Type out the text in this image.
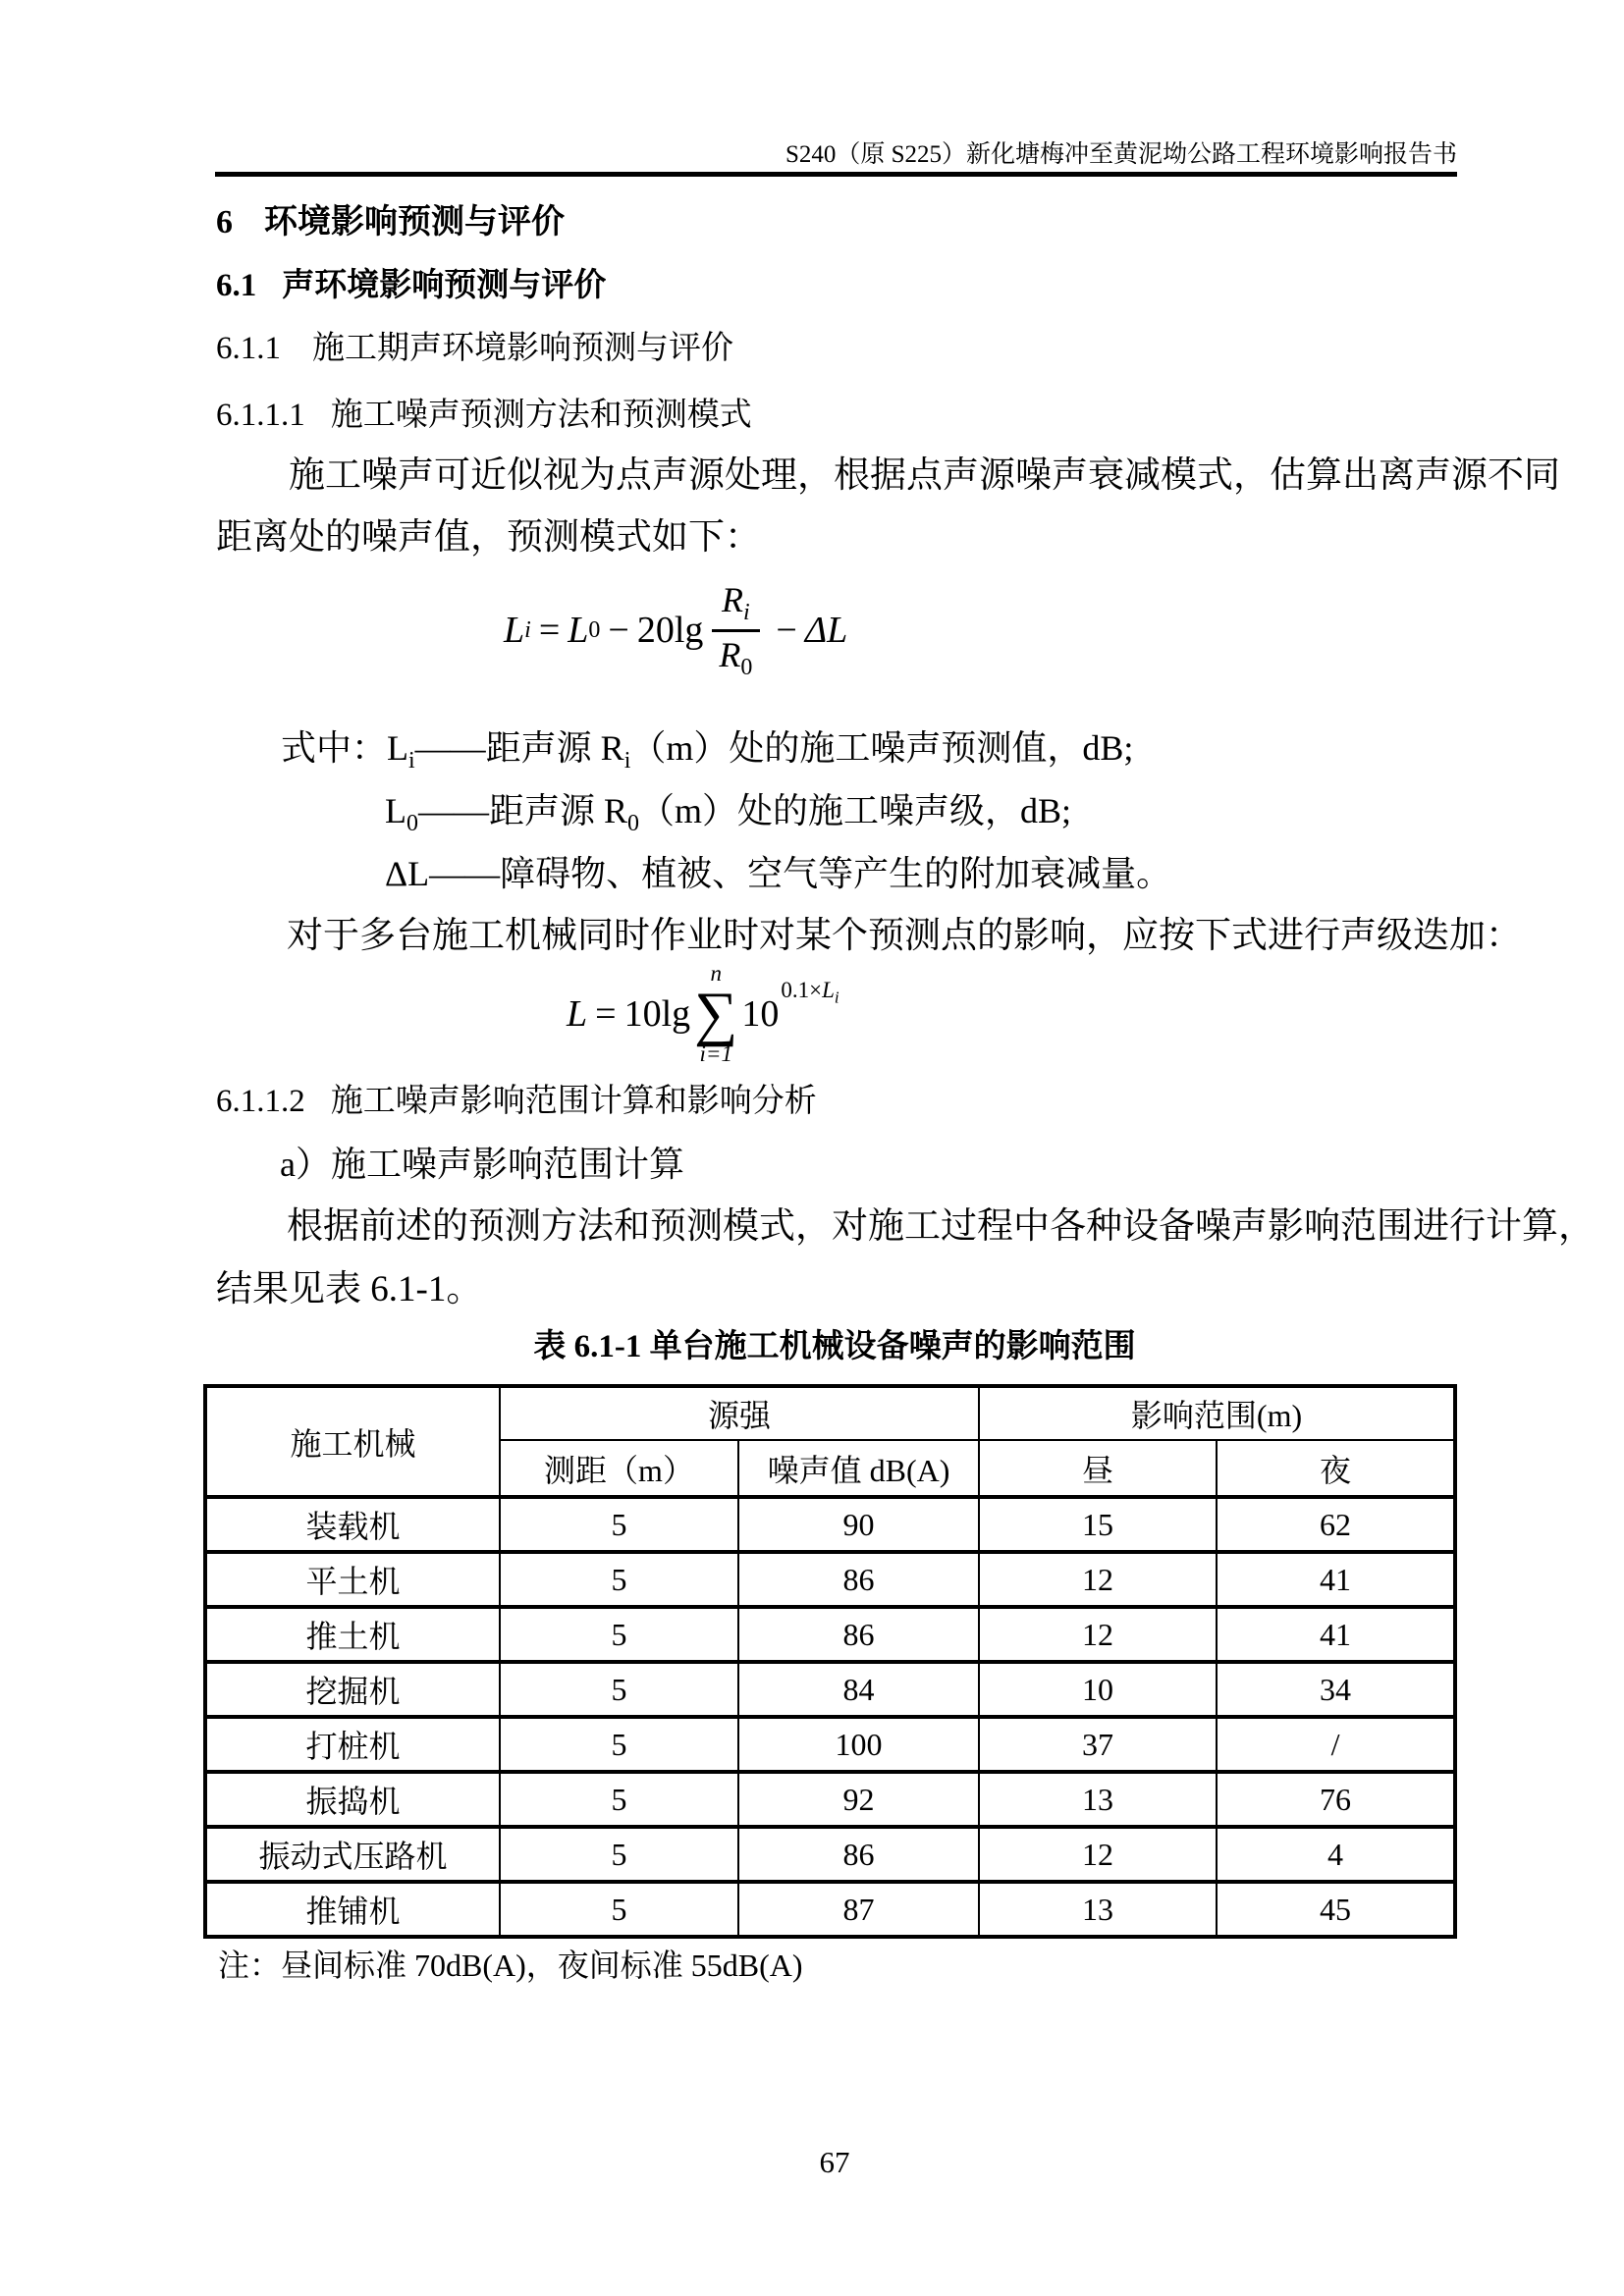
S240（原 S225）新化塘梅冲至黄泥坳公路工程环境影响报告书
6 环境影响预测与评价
6.1 声环境影响预测与评价
6.1.1 施工期声环境影响预测与评价
6.1.1.1 施工噪声预测方法和预测模式
施工噪声可近似视为点声源处理，根据点声源噪声衰减模式，估算出离声源不同
距离处的噪声值，预测模式如下：
L i = L $0 - 20\lg \frac{R_i}{R_0} - \Delta L$
式中：$L_i——$距声源 $R_i(m)$处的施工噪声预测值，dB;
$L_0——$距声源 $R_0(m)$处的施工噪声级，dB;
ΔL——障碍物、植被、空气等产生的附加衰减量。
对于多台施工机械同时作业时对某个预测点的影响，应按下式进行声级迭加：
L = 10lg
n
∑
i=1
10
$0.1\times L_i$
6.1.1.2 施工噪声影响范围计算和影响分析
a）施工噪声影响范围计算
根据前述的预测方法和预测模式，对施工过程中各种设备噪声影响范围进行计算，
结果见表 6.1-1。
表 6.1-1 单台施工机械设备噪声的影响范围
施工机械	源强		影响范围(m)	
	测距（m）	噪声值 dB(A)	昼	夜
装载机	5	90	15	62
平土机	5	86	12	41
推土机	5	86	12	41
挖掘机	5	84	10	34
打桩机	5	100	37	/
振捣机	5	92	13	76
振动式压路机	5	86	12	4
推铺机	5	87	13	45
注：昼间标准 70dB(A)，夜间标准 55dB(A)
67
